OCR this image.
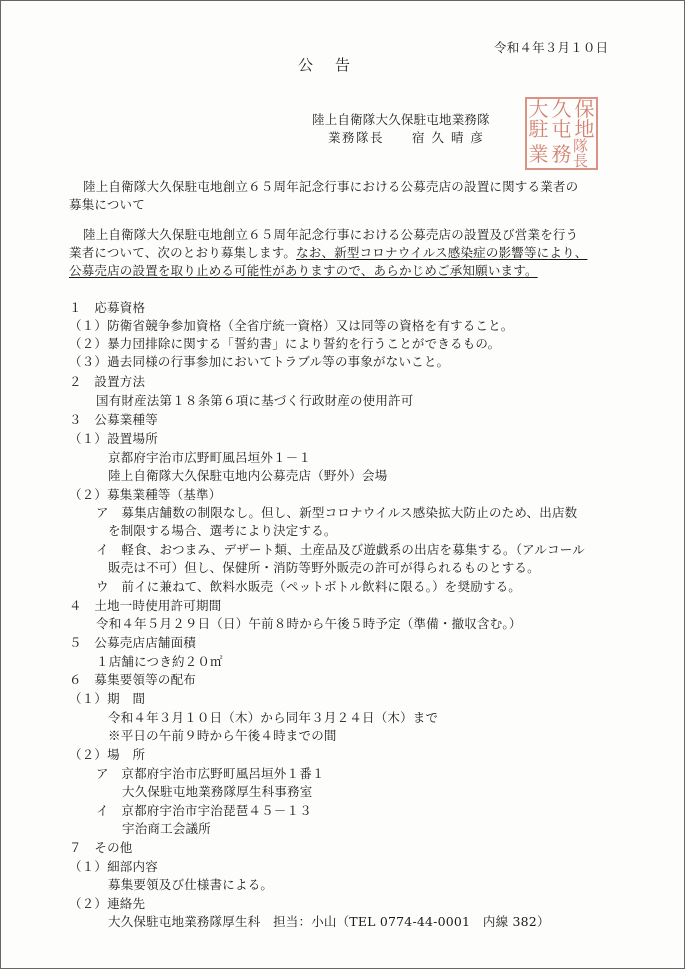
令和４年３月１０日
公告
陸上自衛隊大久保駐屯地業務隊
業務隊長　　宿 久 晴 彦
大 久 保
駐 屯 地
業 務 隊長
陸上自衛隊大久保駐屯地創立６５周年記念行事における公募売店の設置に関する業者の
募集について
陸上自衛隊大久保駐屯地創立６５周年記念行事における公募売店の設置及び営業を行う
業者について、次のとおり募集します。なお、新型コロナウイルス感染症の影響等により、
公募売店の設置を取り止める可能性がありますので、あらかじめご承知願います。
１　応募資格
（１）防衛省競争参加資格（全省庁統一資格）又は同等の資格を有すること。
（２）暴力団排除に関する「誓約書」により誓約を行うことができるもの。
（３）過去同様の行事参加においてトラブル等の事象がないこと。
２　設置方法
国有財産法第１８条第６項に基づく行政財産の使用許可
３　公募業種等
（１）設置場所
京都府宇治市広野町風呂垣外１－１
陸上自衛隊大久保駐屯地内公募売店（野外）会場
（２）募集業種等（基準）
ア　募集店舗数の制限なし。但し、新型コロナウイルス感染拡大防止のため、出店数
を制限する場合、選考により決定する。
イ　軽食、おつまみ、デザート類、土産品及び遊戯系の出店を募集する。（アルコール
販売は不可）但し、保健所・消防等野外販売の許可が得られるものとする。
ウ　前イに兼ねて、飲料水販売（ペットボトル飲料に限る。）を奨励する。
４　土地一時使用許可期間
令和４年５月２９日（日）午前８時から午後５時予定（準備・撤収含む。）
５　公募売店店舗面積
１店舗につき約２０㎡
６　募集要領等の配布
（１）期　間
令和４年３月１０日（木）から同年３月２４日（木）まで
※平日の午前９時から午後４時までの間
（２）場　所
ア　京都府宇治市広野町風呂垣外１番１
大久保駐屯地業務隊厚生科事務室
イ　京都府宇治市宇治琵琶４５－１３
宇治商工会議所
７　その他
（１）細部内容
募集要領及び仕様書による。
（２）連絡先
大久保駐屯地業務隊厚生科　担当：小山（TEL 0774-44-0001　内線 382）
